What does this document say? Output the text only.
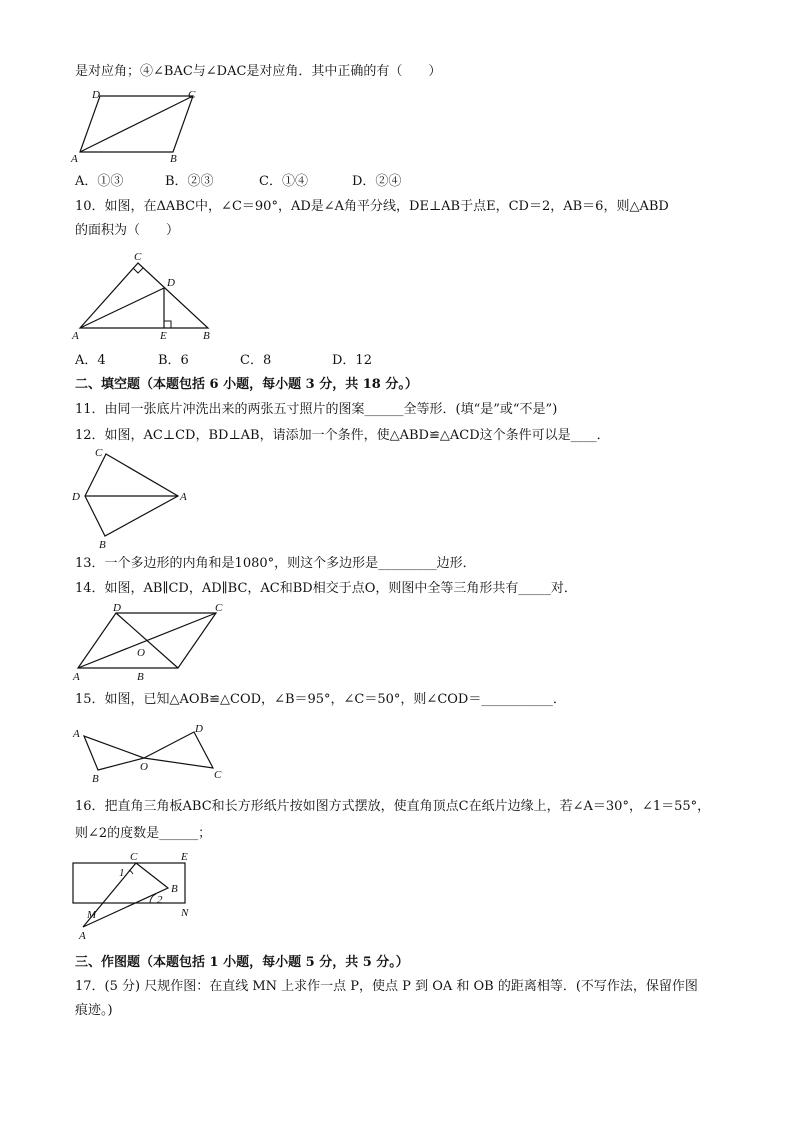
是对应角；④∠BAC与∠DAC是对应角．其中正确的有（　　）
D	C
A	B
A．①③	B．②③	C．①④	D．②④
10．如图，在ΔABC中，∠C＝90°，AD是∠A角平分线，DE⊥AB于点E，CD＝2，AB＝6，则△ABD
的面积为（　　）
C
D
A	E	B
A．4	B．6	C．8	D．12
二、填空题（本题包括 6 小题，每小题 3 分，共 18 分。）
11．由同一张底片冲洗出来的两张五寸照片的图案______全等形．(填“是”或“不是”)
12．如图，AC⊥CD，BD⊥AB，请添加一个条件，使△ABD≌△ACD这个条件可以是____．
C
D	A
B
13．一个多边形的内角和是1080°，则这个多边形是_________边形．
14．如图，AB∥CD，AD∥BC，AC和BD相交于点O，则图中全等三角形共有_____对．
D	C
O
A	B
15．如图，已知△AOB≌△COD，∠B＝95°，∠C＝50°，则∠COD＝___________．
A	D
O
B	C
16．把直角三角板ABC和长方形纸片按如图方式摆放，使直角顶点C在纸片边缘上，若∠A＝30°，∠1＝55°，
则∠2的度数是______；
C	E
1
B
2
M	N
A
三、作图题（本题包括 1 小题，每小题 5 分，共 5 分。）
17．(5 分) 尺规作图：在直线 MN 上求作一点 P，使点 P 到 OA 和 OB 的距离相等．(不写作法，保留作图
痕迹。)
